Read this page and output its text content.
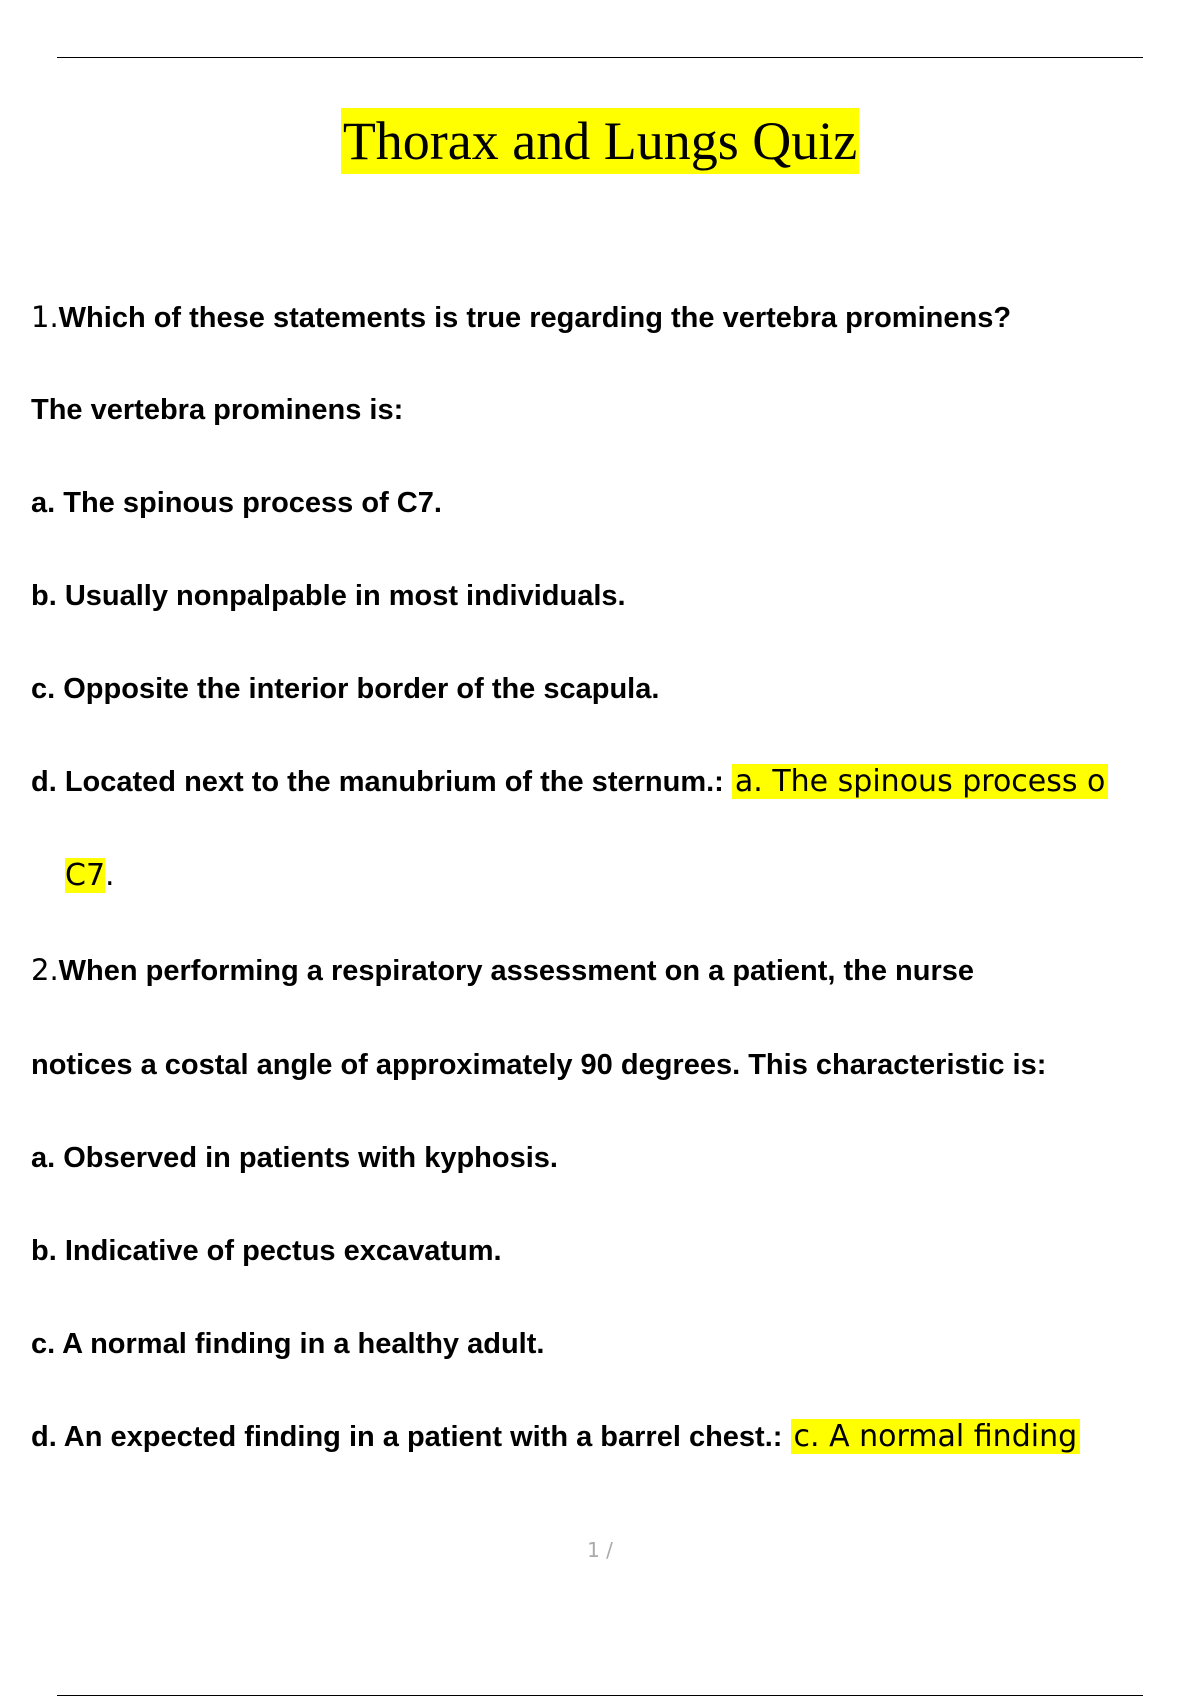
Thorax and Lungs Quiz
1.Which of these statements is true regarding the vertebra prominens?
The vertebra prominens is:
a. The spinous process of C7.
b. Usually nonpalpable in most individuals.
c. Opposite the interior border of the scapula.
d. Located next to the manubrium of the sternum.: a. The spinous process o
C7.
2.When performing a respiratory assessment on a patient, the nurse
notices a costal angle of approximately 90 degrees. This characteristic is:
a. Observed in patients with kyphosis.
b. Indicative of pectus excavatum.
c. A normal finding in a healthy adult.
d. An expected finding in a patient with a barrel chest.: c. A normal finding
1 /
